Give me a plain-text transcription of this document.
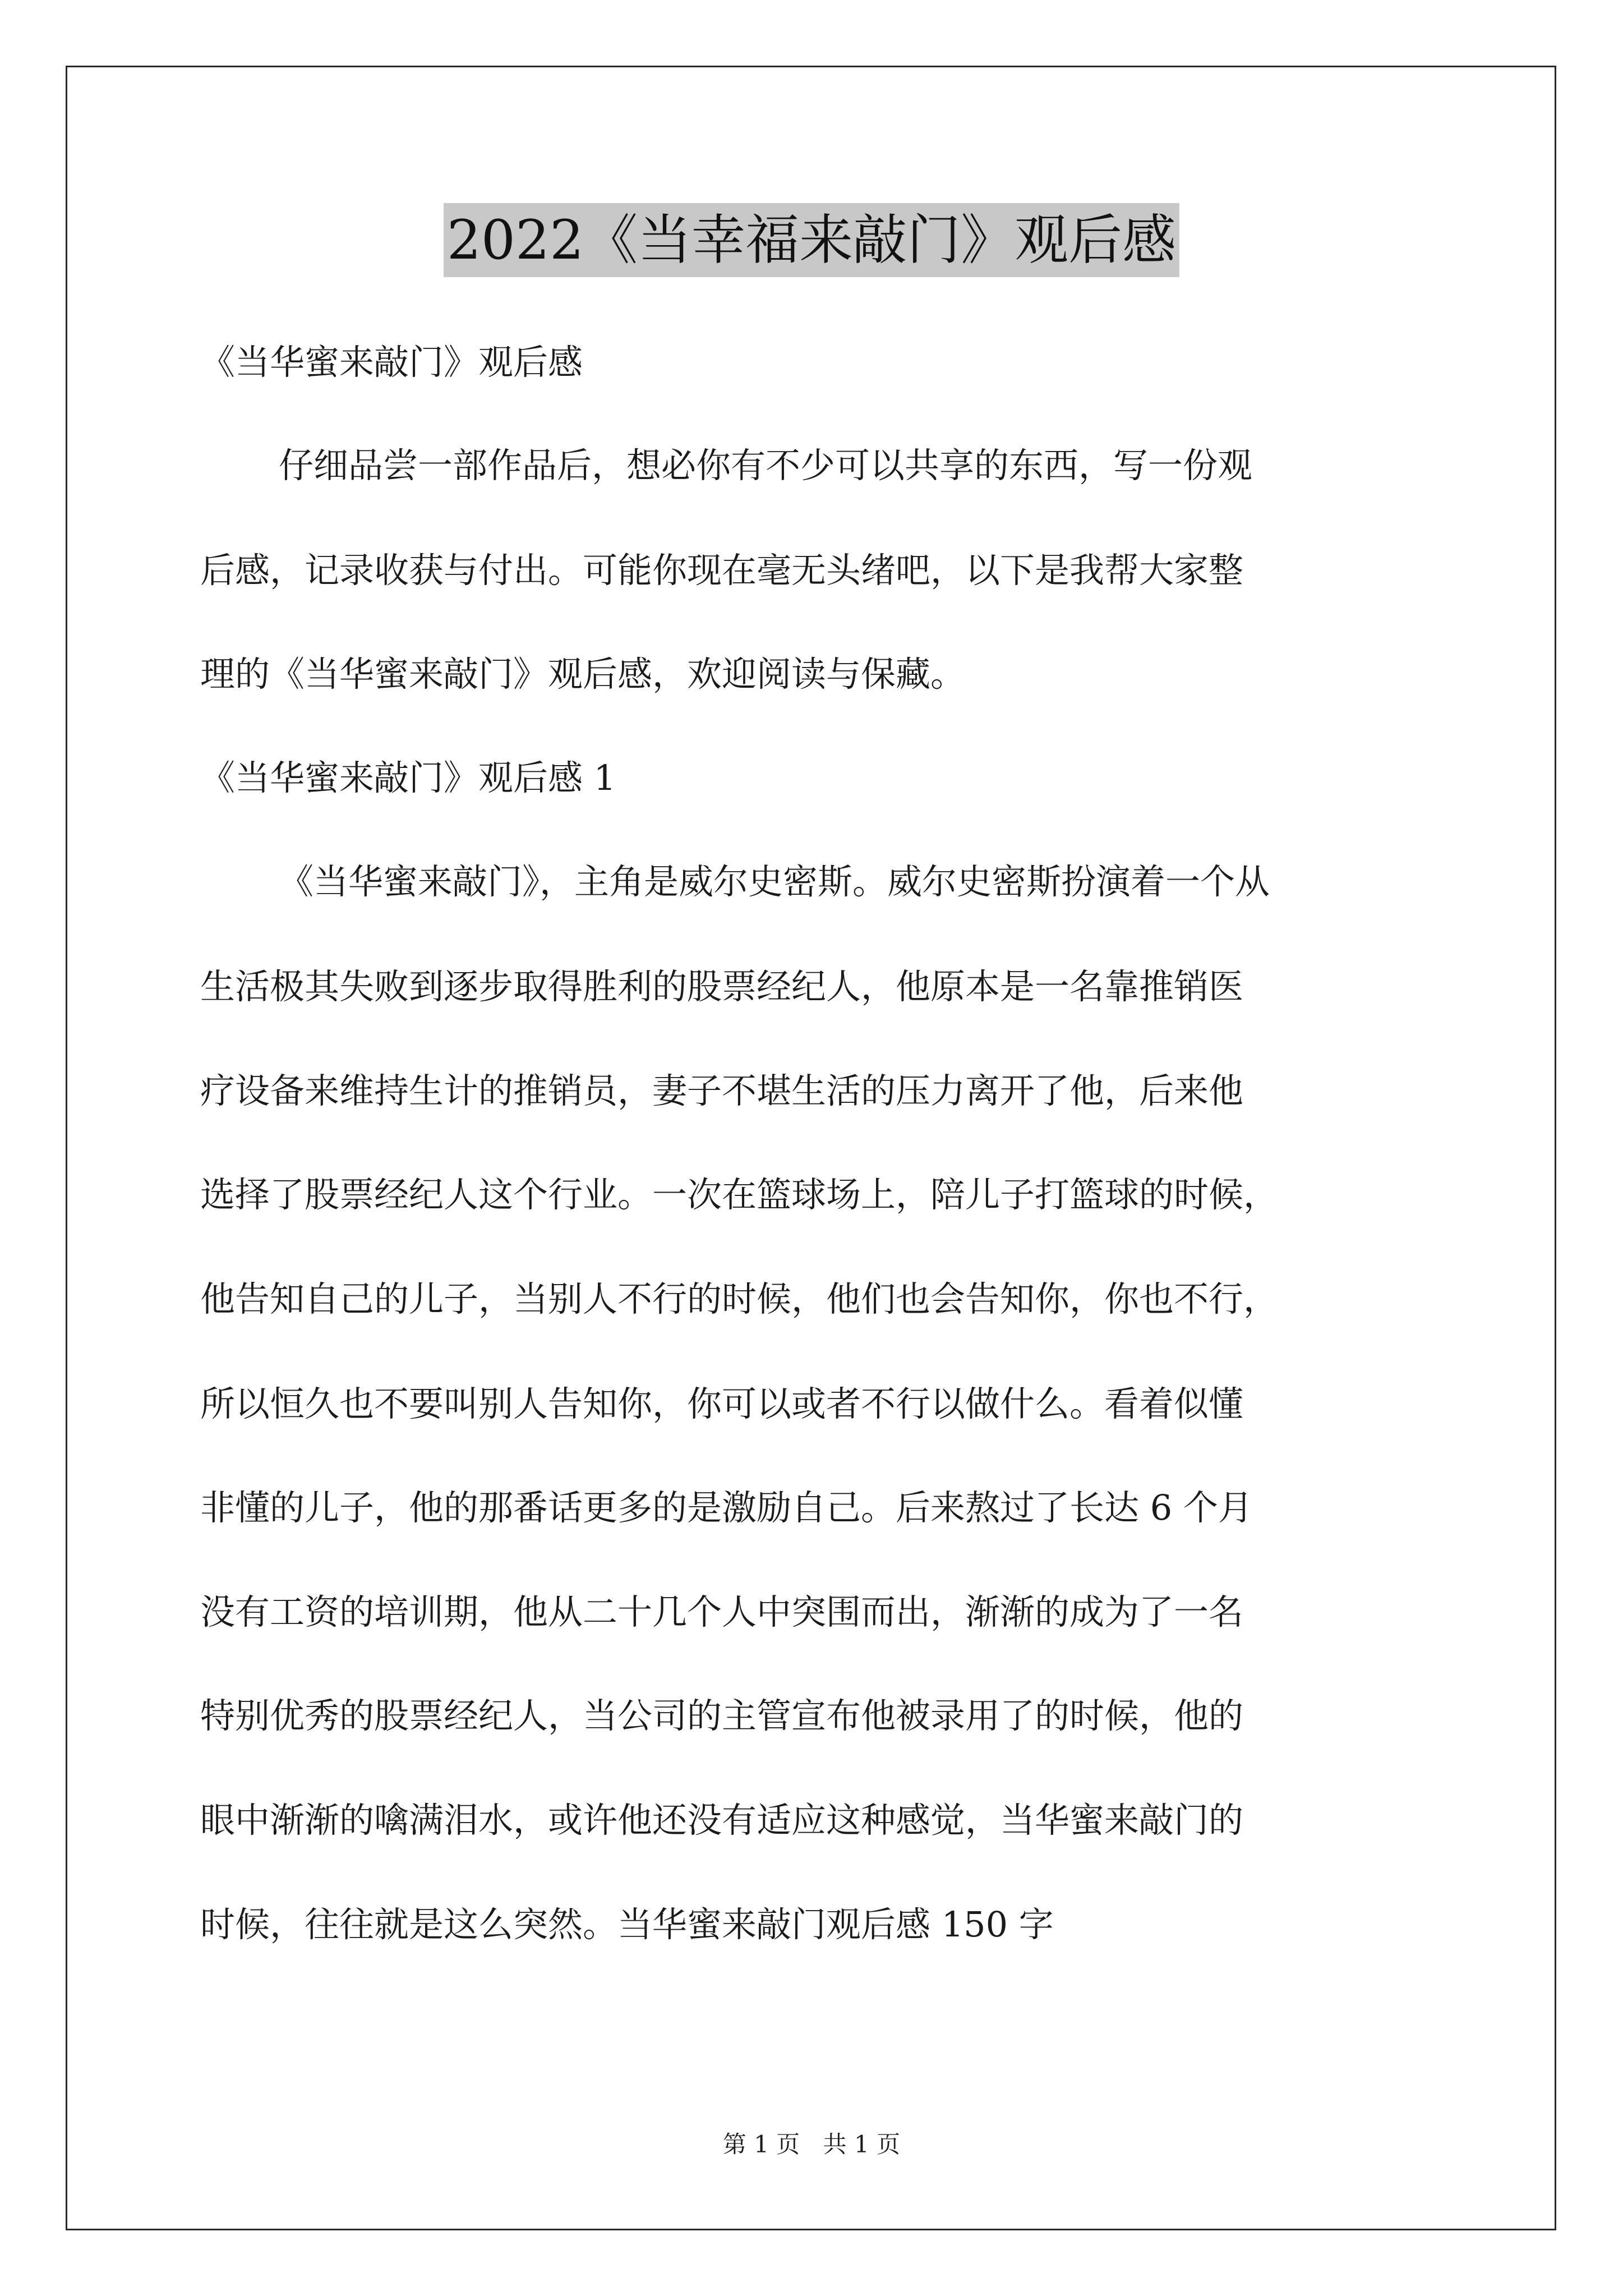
2022《当幸福来敲门》观后感
《当华蜜来敲门》观后感
仔细品尝一部作品后，想必你有不少可以共享的东西，写一份观
后感，记录收获与付出。可能你现在毫无头绪吧，以下是我帮大家整
理的《当华蜜来敲门》观后感，欢迎阅读与保藏。
《当华蜜来敲门》观后感 1
《当华蜜来敲门》，主角是威尔史密斯。威尔史密斯扮演着一个从
生活极其失败到逐步取得胜利的股票经纪人，他原本是一名靠推销医
疗设备来维持生计的推销员，妻子不堪生活的压力离开了他，后来他
选择了股票经纪人这个行业。一次在篮球场上，陪儿子打篮球的时候，
他告知自己的儿子，当别人不行的时候，他们也会告知你，你也不行，
所以恒久也不要叫别人告知你，你可以或者不行以做什么。看着似懂
非懂的儿子，他的那番话更多的是激励自己。后来熬过了长达 6 个月
没有工资的培训期，他从二十几个人中突围而出，渐渐的成为了一名
特别优秀的股票经纪人，当公司的主管宣布他被录用了的时候，他的
眼中渐渐的噙满泪水，或许他还没有适应这种感觉，当华蜜来敲门的
时候，往往就是这么突然。当华蜜来敲门观后感 150 字
第 1 页 共 1 页
